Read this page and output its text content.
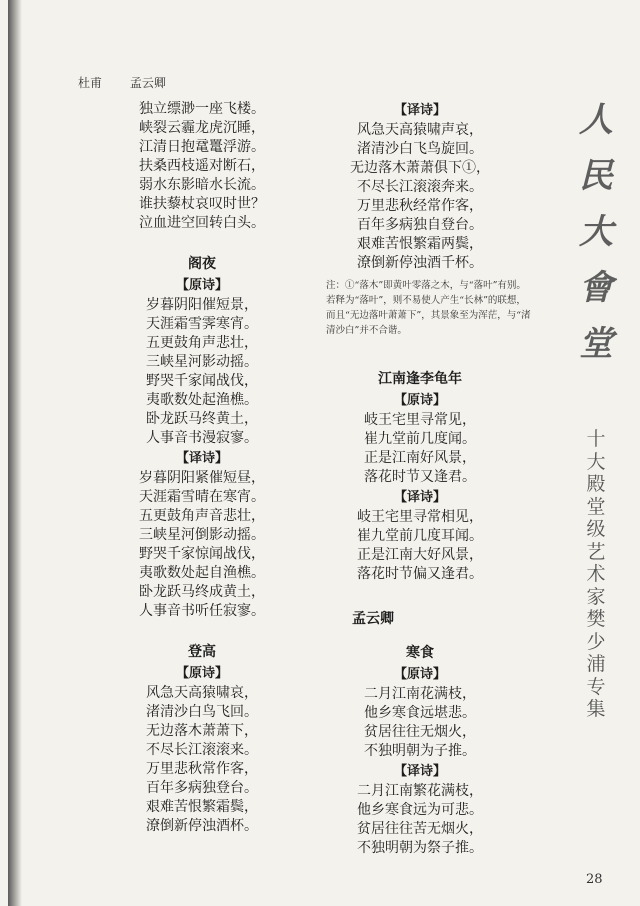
杜甫 孟云卿
独立缥渺一座飞楼。
峡裂云霾龙虎沉睡，
江清日抱鼋鼍浮游。
扶桑西枝遥对断石，
弱水东影暗水长流。
谁扶藜杖哀叹时世？
泣血进空回转白头。
阁夜
【原诗】
岁暮阴阳催短景，
天涯霜雪霁寒宵。
五更鼓角声悲壮，
三峡星河影动摇。
野哭千家闻战伐，
夷歌数处起渔樵。
卧龙跃马终黄土，
人事音书漫寂寥。
【译诗】
岁暮阴阳紧催短昼，
天涯霜雪晴在寒宵。
五更鼓角声音悲壮，
三峡星河倒影动摇。
野哭千家惊闻战伐，
夷歌数处起自渔樵。
卧龙跃马终成黄土，
人事音书听任寂寥。
登高
【原诗】
风急天高猿啸哀，
渚清沙白鸟飞回。
无边落木萧萧下，
不尽长江滚滚来。
万里悲秋常作客，
百年多病独登台。
艰难苦恨繁霜鬓，
潦倒新停浊酒杯。
【译诗】
风急天高猿啸声哀，
渚清沙白飞鸟旋回。
无边落木萧萧俱下①，
不尽长江滚滚奔来。
万里悲秋经常作客，
百年多病独自登台。
艰难苦恨繁霜两鬓，
潦倒新停浊酒千杯。
注：①“落木”即黄叶零落之木，与“落叶”有别。
若释为“落叶”，则不易使人产生“长林”的联想，
而且“无边落叶萧萧下”，其景象至为浑茫，与“渚
清沙白”并不合谐。
江南逢李龟年
【原诗】
岐王宅里寻常见，
崔九堂前几度闻。
正是江南好风景，
落花时节又逢君。
【译诗】
岐王宅里寻常相见，
崔九堂前几度耳闻。
正是江南大好风景，
落花时节偏又逢君。
孟云卿
寒食
【原诗】
二月江南花满枝，
他乡寒食远堪悲。
贫居往往无烟火，
不独明朝为子推。
【译诗】
二月江南繁花满枝，
他乡寒食远为可悲。
贫居往往苦无烟火，
不独明朝为祭子推。
人
民
大
會
堂
十
大
殿
堂
级
艺
术
家
樊
少
浦
专
集
28
